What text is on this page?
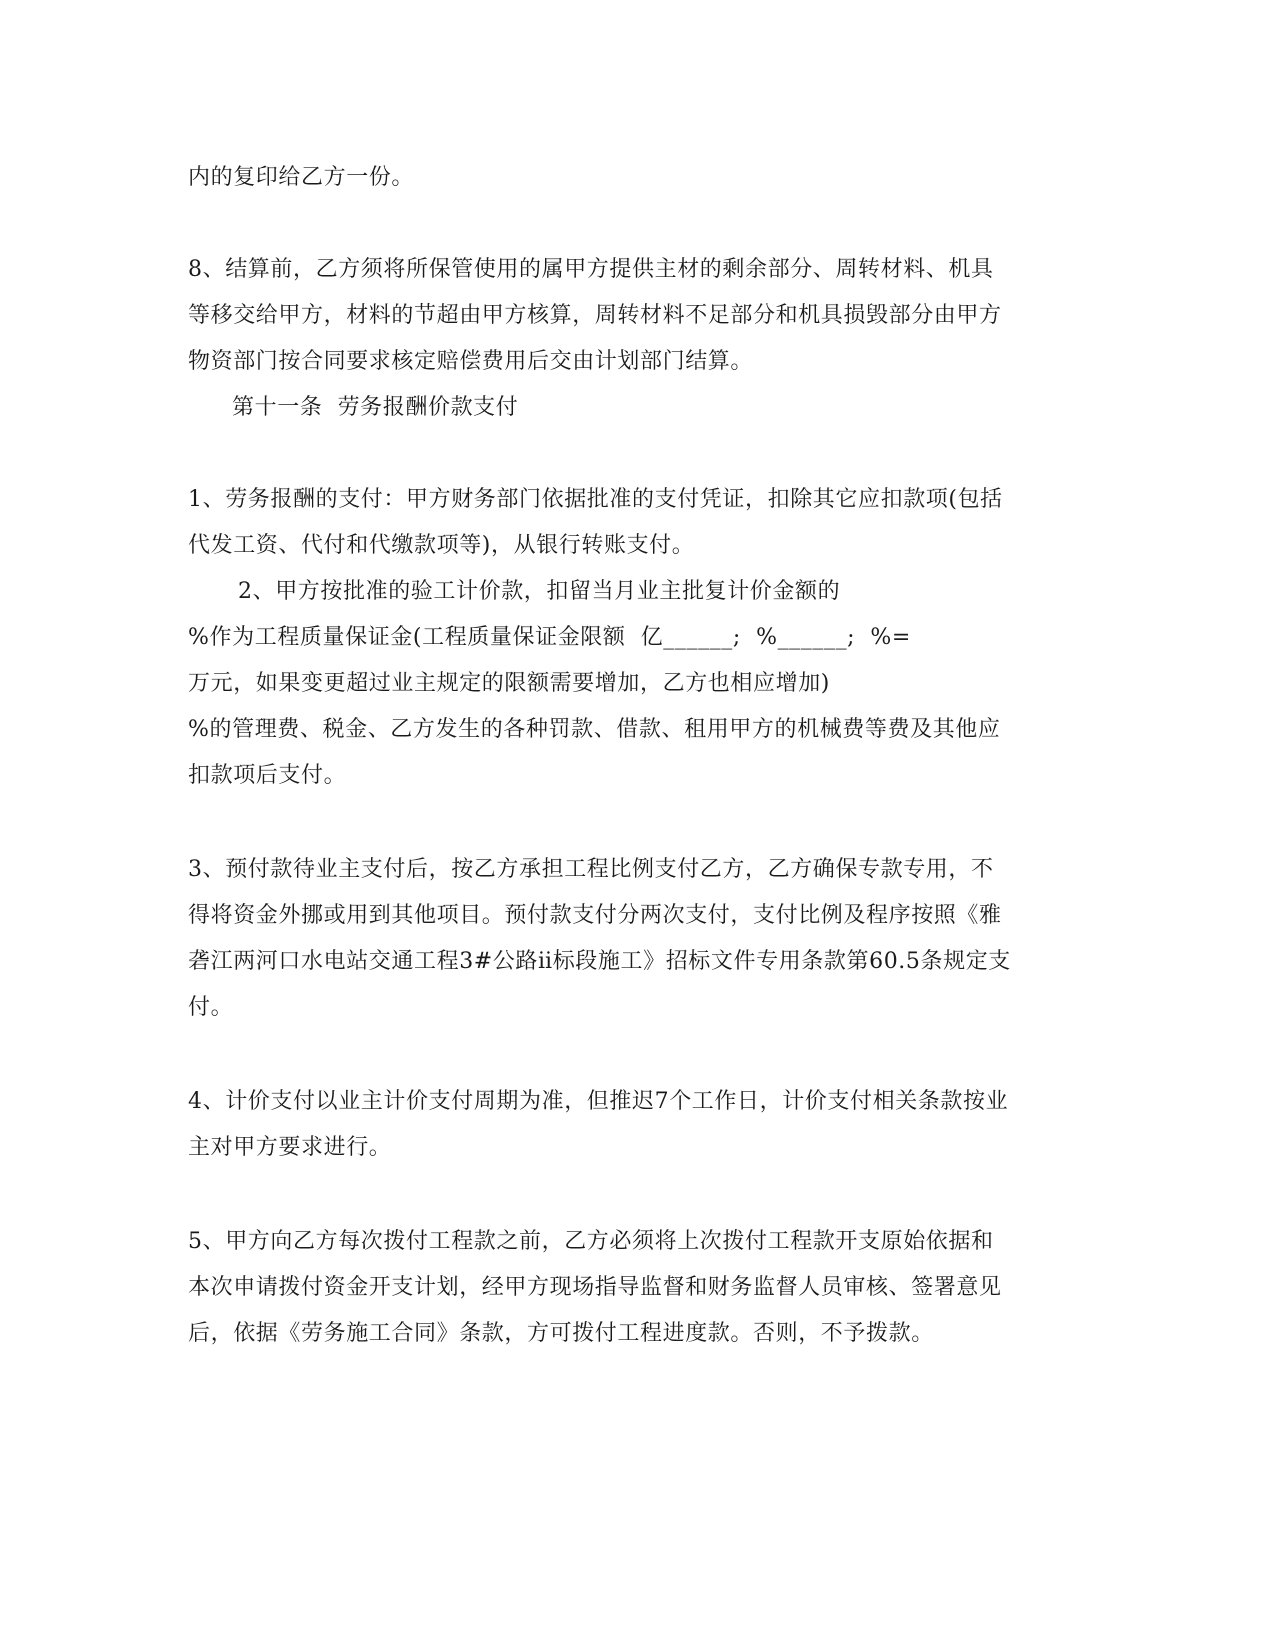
内的复印给乙方一份。
8、结算前，乙方须将所保管使用的属甲方提供主材的剩余部分、周转材料、机具
等移交给甲方，材料的节超由甲方核算，周转材料不足部分和机具损毁部分由甲方
物资部门按合同要求核定赔偿费用后交由计划部门结算。
第十一条  劳务报酬价款支付
1、劳务报酬的支付：甲方财务部门依据批准的支付凭证，扣除其它应扣款项(包括
代发工资、代付和代缴款项等)，从银行转账支付。
2、甲方按批准的验工计价款，扣留当月业主批复计价金额的
%作为工程质量保证金(工程质量保证金限额  亿______;  %______;  %=
万元，如果变更超过业主规定的限额需要增加，乙方也相应增加)
%的管理费、税金、乙方发生的各种罚款、借款、租用甲方的机械费等费及其他应
扣款项后支付。
3、预付款待业主支付后，按乙方承担工程比例支付乙方，乙方确保专款专用，不
得将资金外挪或用到其他项目。预付款支付分两次支付，支付比例及程序按照《雅
砻江两河口水电站交通工程3#公路ⅱ标段施工》招标文件专用条款第60.5条规定支
付。
4、计价支付以业主计价支付周期为准，但推迟7个工作日，计价支付相关条款按业
主对甲方要求进行。
5、甲方向乙方每次拨付工程款之前，乙方必须将上次拨付工程款开支原始依据和
本次申请拨付资金开支计划，经甲方现场指导监督和财务监督人员审核、签署意见
后，依据《劳务施工合同》条款，方可拨付工程进度款。否则，不予拨款。
